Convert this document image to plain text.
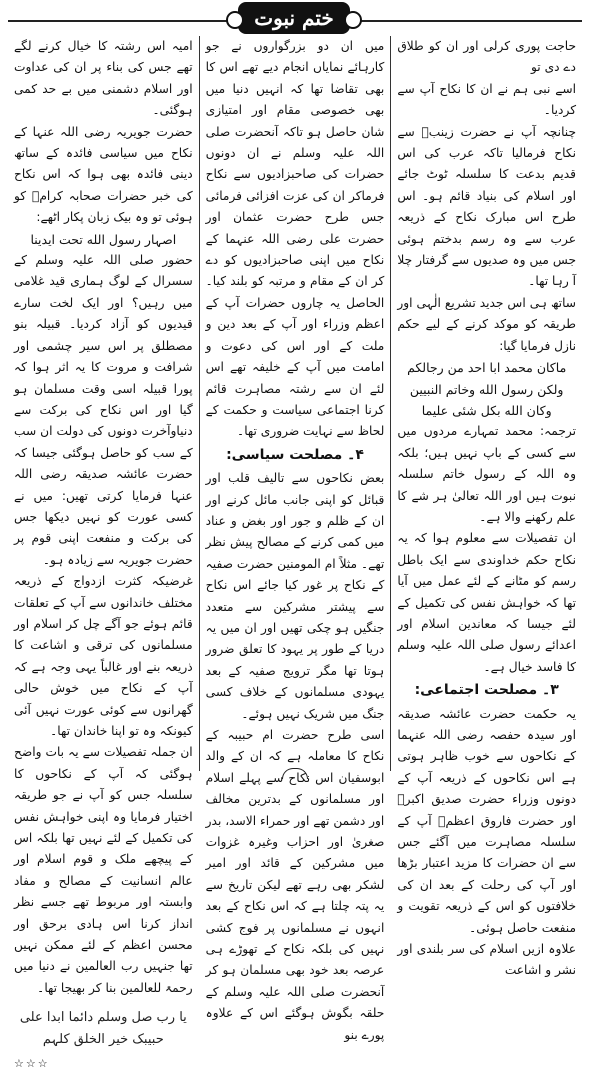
ختم نبوت

حاجت پوری کرلی اور ان کو طلاق دے دی تو

اسے نبی ہم نے ان کا نکاح آپ سے کردیا۔

چنانچہ آپ نے حضرت زینبؓ سے نکاح فرمالیا تاکہ عرب کی اس قدیم بدعت کا سلسلہ ٹوٹ جائے اور اسلام کی بنیاد قائم ہو۔ اس طرح اس مبارک نکاح کے ذریعہ عرب سے وہ رسم بدختم ہوئی جس میں وہ صدیوں سے گرفتار چلا آ رہا تھا۔

ساتھ ہی اس جدید تشریع الٰہی اور طریقہ کو موکد کرنے کے لیے حکم نازل فرمایا گیا:

ماکان محمد ابا احد من رجالکم ولکن رسول الله وخاتم النبیین وکان الله بکل شئی علیما

ترجمہ: محمد تمہارے مردوں میں سے کسی کے باپ نہیں ہیں؛ بلکہ وہ اللہ کے رسول خاتم سلسلہ نبوت ہیں اور اللہ تعالیٰ ہر شے کا علم رکھنے والا ہے۔

ان تفصیلات سے معلوم ہوا کہ یہ نکاح حکم خداوندی سے ایک باطل رسم کو مٹانے کے لئے عمل میں آیا تھا کہ خواہش نفس کی تکمیل کے لئے جیسا کہ معاندین اسلام اور اعدائے رسول صلی اللہ علیہ وسلم کا فاسد خیال ہے۔

۳۔ مصلحت اجتماعی:

یہ حکمت حضرت عائشہ صدیقہ اور سیدہ حفصہ رضی اللہ عنہما کے نکاحوں سے خوب ظاہر ہوتی ہے اس نکاحوں کے ذریعہ آپ کے دونوں وزراء حضرت صدیق اکبرؓ اور حضرت فاروق اعظمؓ آپ کے سلسلہ مصاہرت میں آگئے جس سے ان حضرات کا مزید اعتبار بڑھا اور آپ کی رحلت کے بعد ان کی خلافتوں کو اس کے ذریعہ تقویت و منفعت حاصل ہوئی۔

علاوہ ازیں اسلام کی سر بلندی اور نشر و اشاعت

میں ان دو بزرگواروں نے جو کارہائے نمایاں انجام دیے تھے اس کا بھی تقاضا تھا کہ انہیں دنیا میں بھی خصوصی مقام اور امتیازی شان حاصل ہو تاکہ آنحضرت صلی اللہ علیہ وسلم نے ان دونوں حضرات کی صاحبزادیوں سے نکاح فرماکر ان کی عزت افزائی فرمائی جس طرح حضرت عثمان اور حضرت علی رضی اللہ عنہما کے نکاح میں اپنی صاحبزادیوں کو دے کر ان کے مقام و مرتبہ کو بلند کیا۔ الحاصل یہ چاروں حضرات آپ کے اعظم وزراء اور آپ کے بعد دین و ملت کے اور اس کی دعوت و امامت میں آپ کے خلیفہ تھے اس لئے ان سے رشتہ مصاہرت قائم کرنا اجتماعی سیاست و حکمت کے لحاظ سے نہایت ضروری تھا۔

۴۔ مصلحت سیاسی:

بعض نکاحوں سے تالیف قلب اور قبائل کو اپنی جانب مائل کرنے اور ان کے ظلم و جور اور بغض و عناد میں کمی کرنے کے مصالح پیش نظر تھے۔ مثلاً ام المومنین حضرت صفیہ کے نکاح پر غور کیا جائے اس نکاح سے پیشتر مشرکین سے متعدد جنگیں ہو چکی تھیں اور ان میں یہ دریا کے طور پر یہود کا تعلق ضرور ہوتا تھا مگر ترویج صفیہ کے بعد یہودی مسلمانوں کے خلاف کسی جنگ میں شریک نہیں ہوئے۔

اسی طرح حضرت ام حبیبہ کے نکاح کا معاملہ ہے کہ ان کے والد ابوسفیان اس نکاح سے پہلے اسلام اور مسلمانوں کے بدترین مخالف اور دشمن تھے اور حمراء الاسد، بدر صغریٰ اور احزاب وغیرہ غزوات میں مشرکین کے قائد اور امیر لشکر بھی رہے تھے لیکن تاریخ سے یہ پتہ چلتا ہے کہ اس نکاح کے بعد انہوں نے مسلمانوں پر فوج کشی نہیں کی بلکہ نکاح کے تھوڑے ہی عرصہ بعد خود بھی مسلمان ہو کر آنحضرت صلی اللہ علیہ وسلم کے حلقہ بگوش ہوگئے اس کے علاوہ پورے بنو

امیہ اس رشتہ کا خیال کرنے لگے تھے جس کی بناء پر ان کی عداوت اور اسلام دشمنی میں بے حد کمی ہوگئی۔

حضرت جویریہ رضی اللہ عنہا کے نکاح میں سیاسی فائدہ کے ساتھ دینی فائدہ بھی ہوا کہ اس نکاح کی خبر حضرات صحابہ کرامؓ کو ہوئی تو وہ بیک زبان پکار اٹھے:

اصہار رسول الله تحت ایدینا

حضور صلی اللہ علیہ وسلم کے سسرال کے لوگ ہماری قید غلامی میں رہیں؟ اور ایک لخت سارے قیدیوں کو آزاد کردیا۔ قبیلہ بنو مصطلق پر اس سیر چشمی اور شرافت و مروت کا یہ اثر ہوا کہ پورا قبیلہ اسی وقت مسلمان ہو گیا اور اس نکاح کی برکت سے دنیاوآخرت دونوں کی دولت ان سب کے سب کو حاصل ہوگئی جیسا کہ حضرت عائشہ صدیقہ رضی اللہ عنہا فرمایا کرتی تھیں: میں نے کسی عورت کو نہیں دیکھا جس کی برکت و منفعت اپنی قوم پر حضرت جویریہ سے زیادہ ہو۔

غرضیکہ کثرت ازدواج کے ذریعہ مختلف خاندانوں سے آپ کے تعلقات قائم ہوئے جو آگے چل کر اسلام اور مسلمانوں کی ترقی و اشاعت کا ذریعہ بنے اور غالباً یہی وجہ ہے کہ آپ کے نکاح میں خوش حالی گھرانوں سے کوئی عورت نہیں آئی کیونکہ وہ تو اپنا خاندان تھا۔

ان جملہ تفصیلات سے یہ بات واضح ہوگئی کہ آپ کے نکاحوں کا سلسلہ جس کو آپ نے جو طریقہ اختیار فرمایا وہ اپنی خواہش نفس کی تکمیل کے لئے نہیں تھا بلکہ اس کے پیچھے ملک و قوم اسلام اور عالم انسانیت کے مصالح و مفاد وابستہ اور مربوط تھے جسے نظر انداز کرنا اس ہادی برحق اور محسن اعظم کے لئے ممکن نہیں تھا جنہیں رب العالمین نے دنیا میں رحمۃ للعالمین بنا کر بھیجا تھا۔

یا رب صل وسلم دائما ابدا علی حبیبک خیر الخلق کلہم
☆☆☆
